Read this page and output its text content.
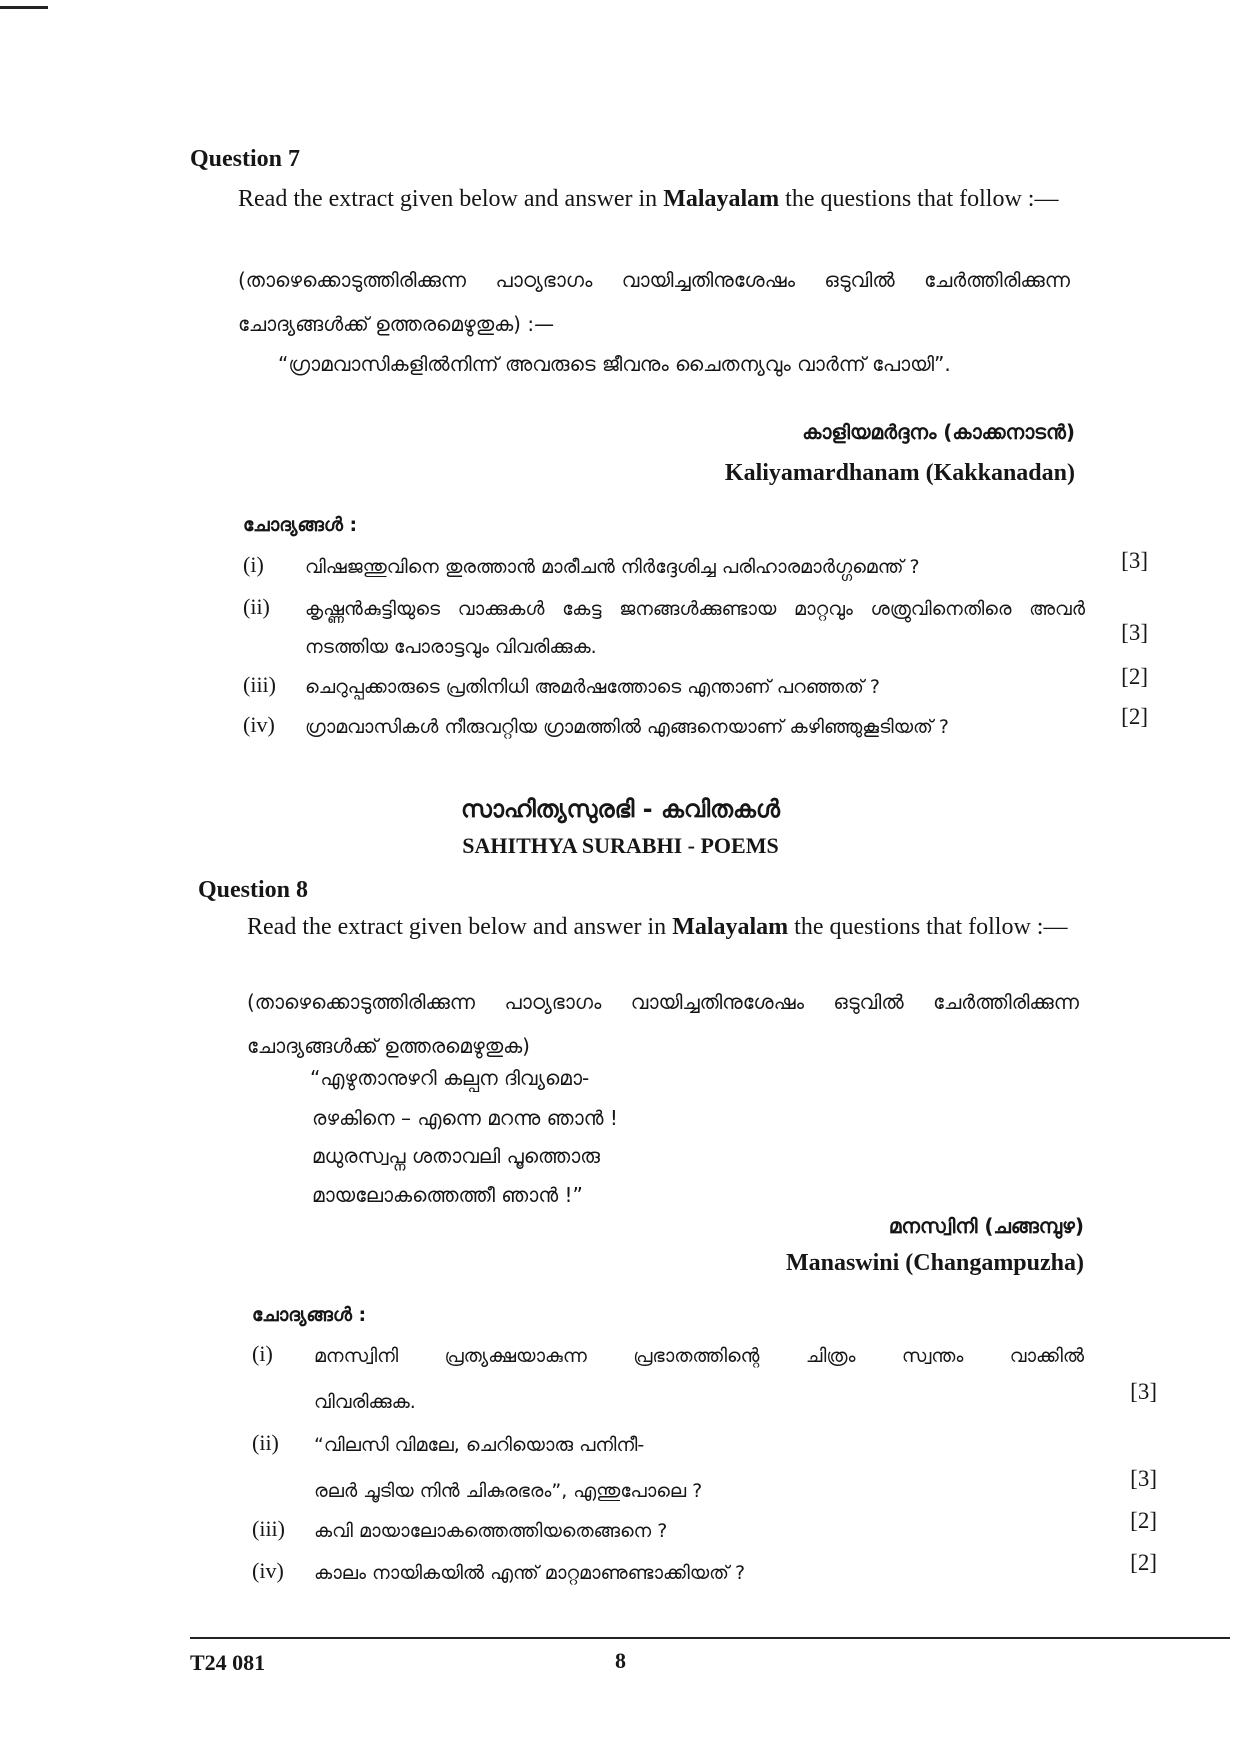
Question 7
Read the extract given below and answer in Malayalam the questions that follow :—
(താഴെക്കൊടുത്തിരിക്കുന്ന പാഠ്യഭാഗം വായിച്ചതിനുശേഷം ഒടുവിൽ ചേർത്തിരിക്കുന്ന ചോദ്യങ്ങൾക്ക് ഉത്തരമെഴുതുക) :—
“ഗ്രാമവാസികളിൽനിന്ന് അവരുടെ ജീവനും ചൈതന്യവും വാർന്ന് പോയി”.
കാളിയമർദ്ദനം (കാക്കനാടൻ)
Kaliyamardhanam (Kakkanadan)
ചോദ്യങ്ങൾ :
(i) വിഷജന്തുവിനെ തുരത്താൻ മാരീചൻ നിർദ്ദേശിച്ച പരിഹാരമാർഗ്ഗമെന്ത് ?	[3]
(ii) കൃഷ്ണൻകുട്ടിയുടെ വാക്കുകൾ കേട്ട ജനങ്ങൾക്കുണ്ടായ മാറ്റവും ശത്രുവിനെതിരെ അവർ നടത്തിയ പോരാട്ടവും വിവരിക്കുക.
[3]
(iii) ചെറുപ്പക്കാരുടെ പ്രതിനിധി അമർഷത്തോടെ എന്താണ് പറഞ്ഞത് ?	[2]
(iv) ഗ്രാമവാസികൾ നീരുവറ്റിയ ഗ്രാമത്തിൽ എങ്ങനെയാണ് കഴിഞ്ഞുകൂടിയത് ?	[2]
സാഹിത്യസുരഭി - കവിതകൾ
SAHITHYA SURABHI - POEMS
Question 8
Read the extract given below and answer in Malayalam the questions that follow :—
(താഴെക്കൊടുത്തിരിക്കുന്ന പാഠ്യഭാഗം വായിച്ചതിനുശേഷം ഒടുവിൽ ചേർത്തിരിക്കുന്ന ചോദ്യങ്ങൾക്ക് ഉത്തരമെഴുതുക)
“എഴുതാനുഴറി കല്പന ദിവ്യമൊ-
രഴകിനെ – എന്നെ മറന്നു ഞാൻ !
മധുരസ്വപ്ന ശതാവലി പൂത്തൊരു
മായലോകത്തെത്തീ ഞാൻ !”
മനസ്വിനി (ചങ്ങമ്പുഴ)
Manaswini (Changampuzha)
ചോദ്യങ്ങൾ :
(i) മനസ്വിനി പ്രത്യക്ഷയാകുന്ന പ്രഭാതത്തിന്റെ ചിത്രം സ്വന്തം വാക്കിൽ
വിവരിക്കുക.	[3]
(ii) “വിലസി വിമലേ, ചെറിയൊരു പനിനീ-
രലർ ചൂടിയ നിൻ ചികുരഭരം”, എന്തുപോലെ ?	[3]
(iii) കവി മായാലോകത്തെത്തിയതെങ്ങനെ ?	[2]
(iv) കാലം നായികയിൽ എന്ത് മാറ്റമാണുണ്ടാക്കിയത് ?	[2]
T24 081	8
